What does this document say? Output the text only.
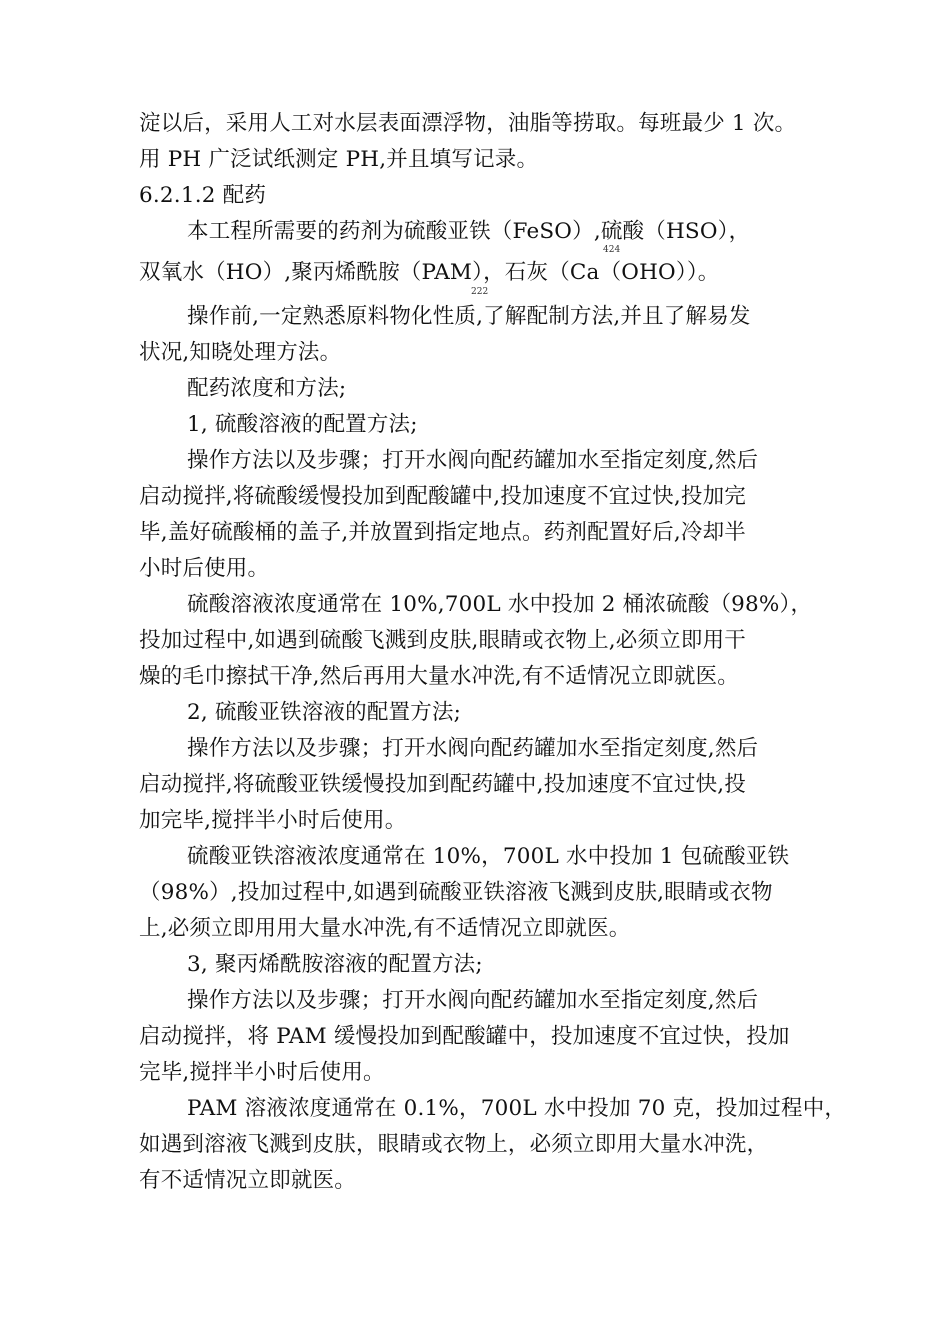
淀以后，采用人工对水层表面漂浮物，油脂等捞取。每班最少 1 次。
用 PH 广泛试纸测定 PH,并且填写记录。
6.2.1.2 配药
本工程所需要的药剂为硫酸亚铁（FeSO）,硫酸（HSO），
424
双氧水（HO）,聚丙烯酰胺（PAM），石灰（Ca（OHO））。
222
操作前,一定熟悉原料物化性质,了解配制方法,并且了解易发
状况,知晓处理方法。
配药浓度和方法;
1, 硫酸溶液的配置方法;
操作方法以及步骤；打开水阀向配药罐加水至指定刻度,然后
启动搅拌,将硫酸缓慢投加到配酸罐中,投加速度不宜过快,投加完
毕,盖好硫酸桶的盖子,并放置到指定地点。药剂配置好后,冷却半
小时后使用。
硫酸溶液浓度通常在 10%,700L 水中投加 2 桶浓硫酸（98%），
投加过程中,如遇到硫酸飞溅到皮肤,眼睛或衣物上,必须立即用干
燥的毛巾擦拭干净,然后再用大量水冲洗,有不适情况立即就医。
2, 硫酸亚铁溶液的配置方法;
操作方法以及步骤；打开水阀向配药罐加水至指定刻度,然后
启动搅拌,将硫酸亚铁缓慢投加到配药罐中,投加速度不宜过快,投
加完毕,搅拌半小时后使用。
硫酸亚铁溶液浓度通常在 10%，700L 水中投加 1 包硫酸亚铁
（98%）,投加过程中,如遇到硫酸亚铁溶液飞溅到皮肤,眼睛或衣物
上,必须立即用用大量水冲洗,有不适情况立即就医。
3, 聚丙烯酰胺溶液的配置方法;
操作方法以及步骤；打开水阀向配药罐加水至指定刻度,然后
启动搅拌，将 PAM 缓慢投加到配酸罐中，投加速度不宜过快，投加
完毕,搅拌半小时后使用。
PAM 溶液浓度通常在 0.1%，700L 水中投加 70 克，投加过程中，
如遇到溶液飞溅到皮肤，眼睛或衣物上，必须立即用大量水冲洗，
有不适情况立即就医。
